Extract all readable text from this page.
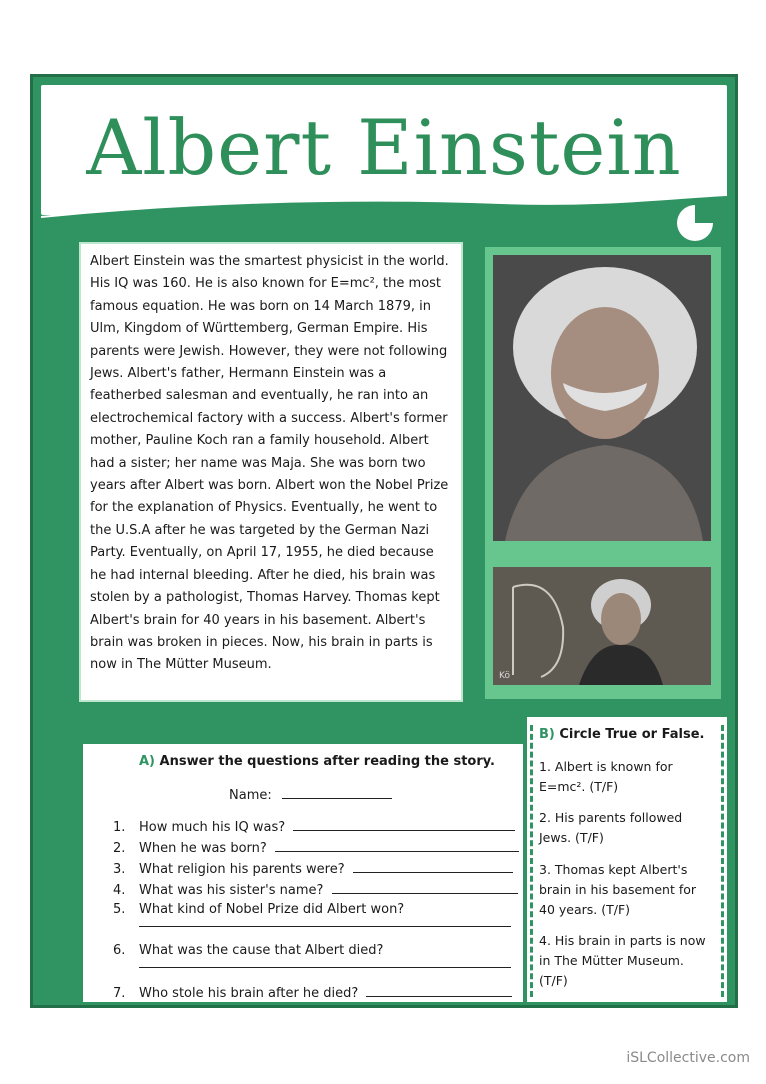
Albert Einstein

Albert Einstein was the smartest physicist in the world. His IQ was 160. He is also known for E=mc², the most famous equation. He was born on 14 March 1879, in Ulm, Kingdom of Württemberg, German Empire. His parents were Jewish. However, they were not following Jews. Albert's father, Hermann Einstein was a featherbed salesman and eventually, he ran into an electrochemical factory with a success. Albert's former mother, Pauline Koch ran a family household. Albert had a sister; her name was Maja. She was born two years after Albert was born. Albert won the Nobel Prize for the explanation of Physics. Eventually, he went to the U.S.A after he was targeted by the German Nazi Party. Eventually, on April 17, 1955, he died because he had internal bleeding. After he died, his brain was stolen by a pathologist, Thomas Harvey. Thomas kept Albert's brain for 40 years in his basement. Albert's brain was broken in pieces. Now, his brain in parts is now in The Mütter Museum.

Kö
A) Answer the questions after reading the story.
Name:
1. How much his IQ was?
2. When he was born?
3. What religion his parents were?
4. What was his sister's name?
5. What kind of Nobel Prize did Albert won?
6. What was the cause that Albert died?
7. Who stole his brain after he died?
B) Circle True or False.
1. Albert is known for E=mc². (T/F)
2. His parents followed Jews. (T/F)
3. Thomas kept Albert's brain in his basement for 40 years. (T/F)
4. His brain in parts is now in The Mütter Museum. (T/F)
iSLCollective.com
